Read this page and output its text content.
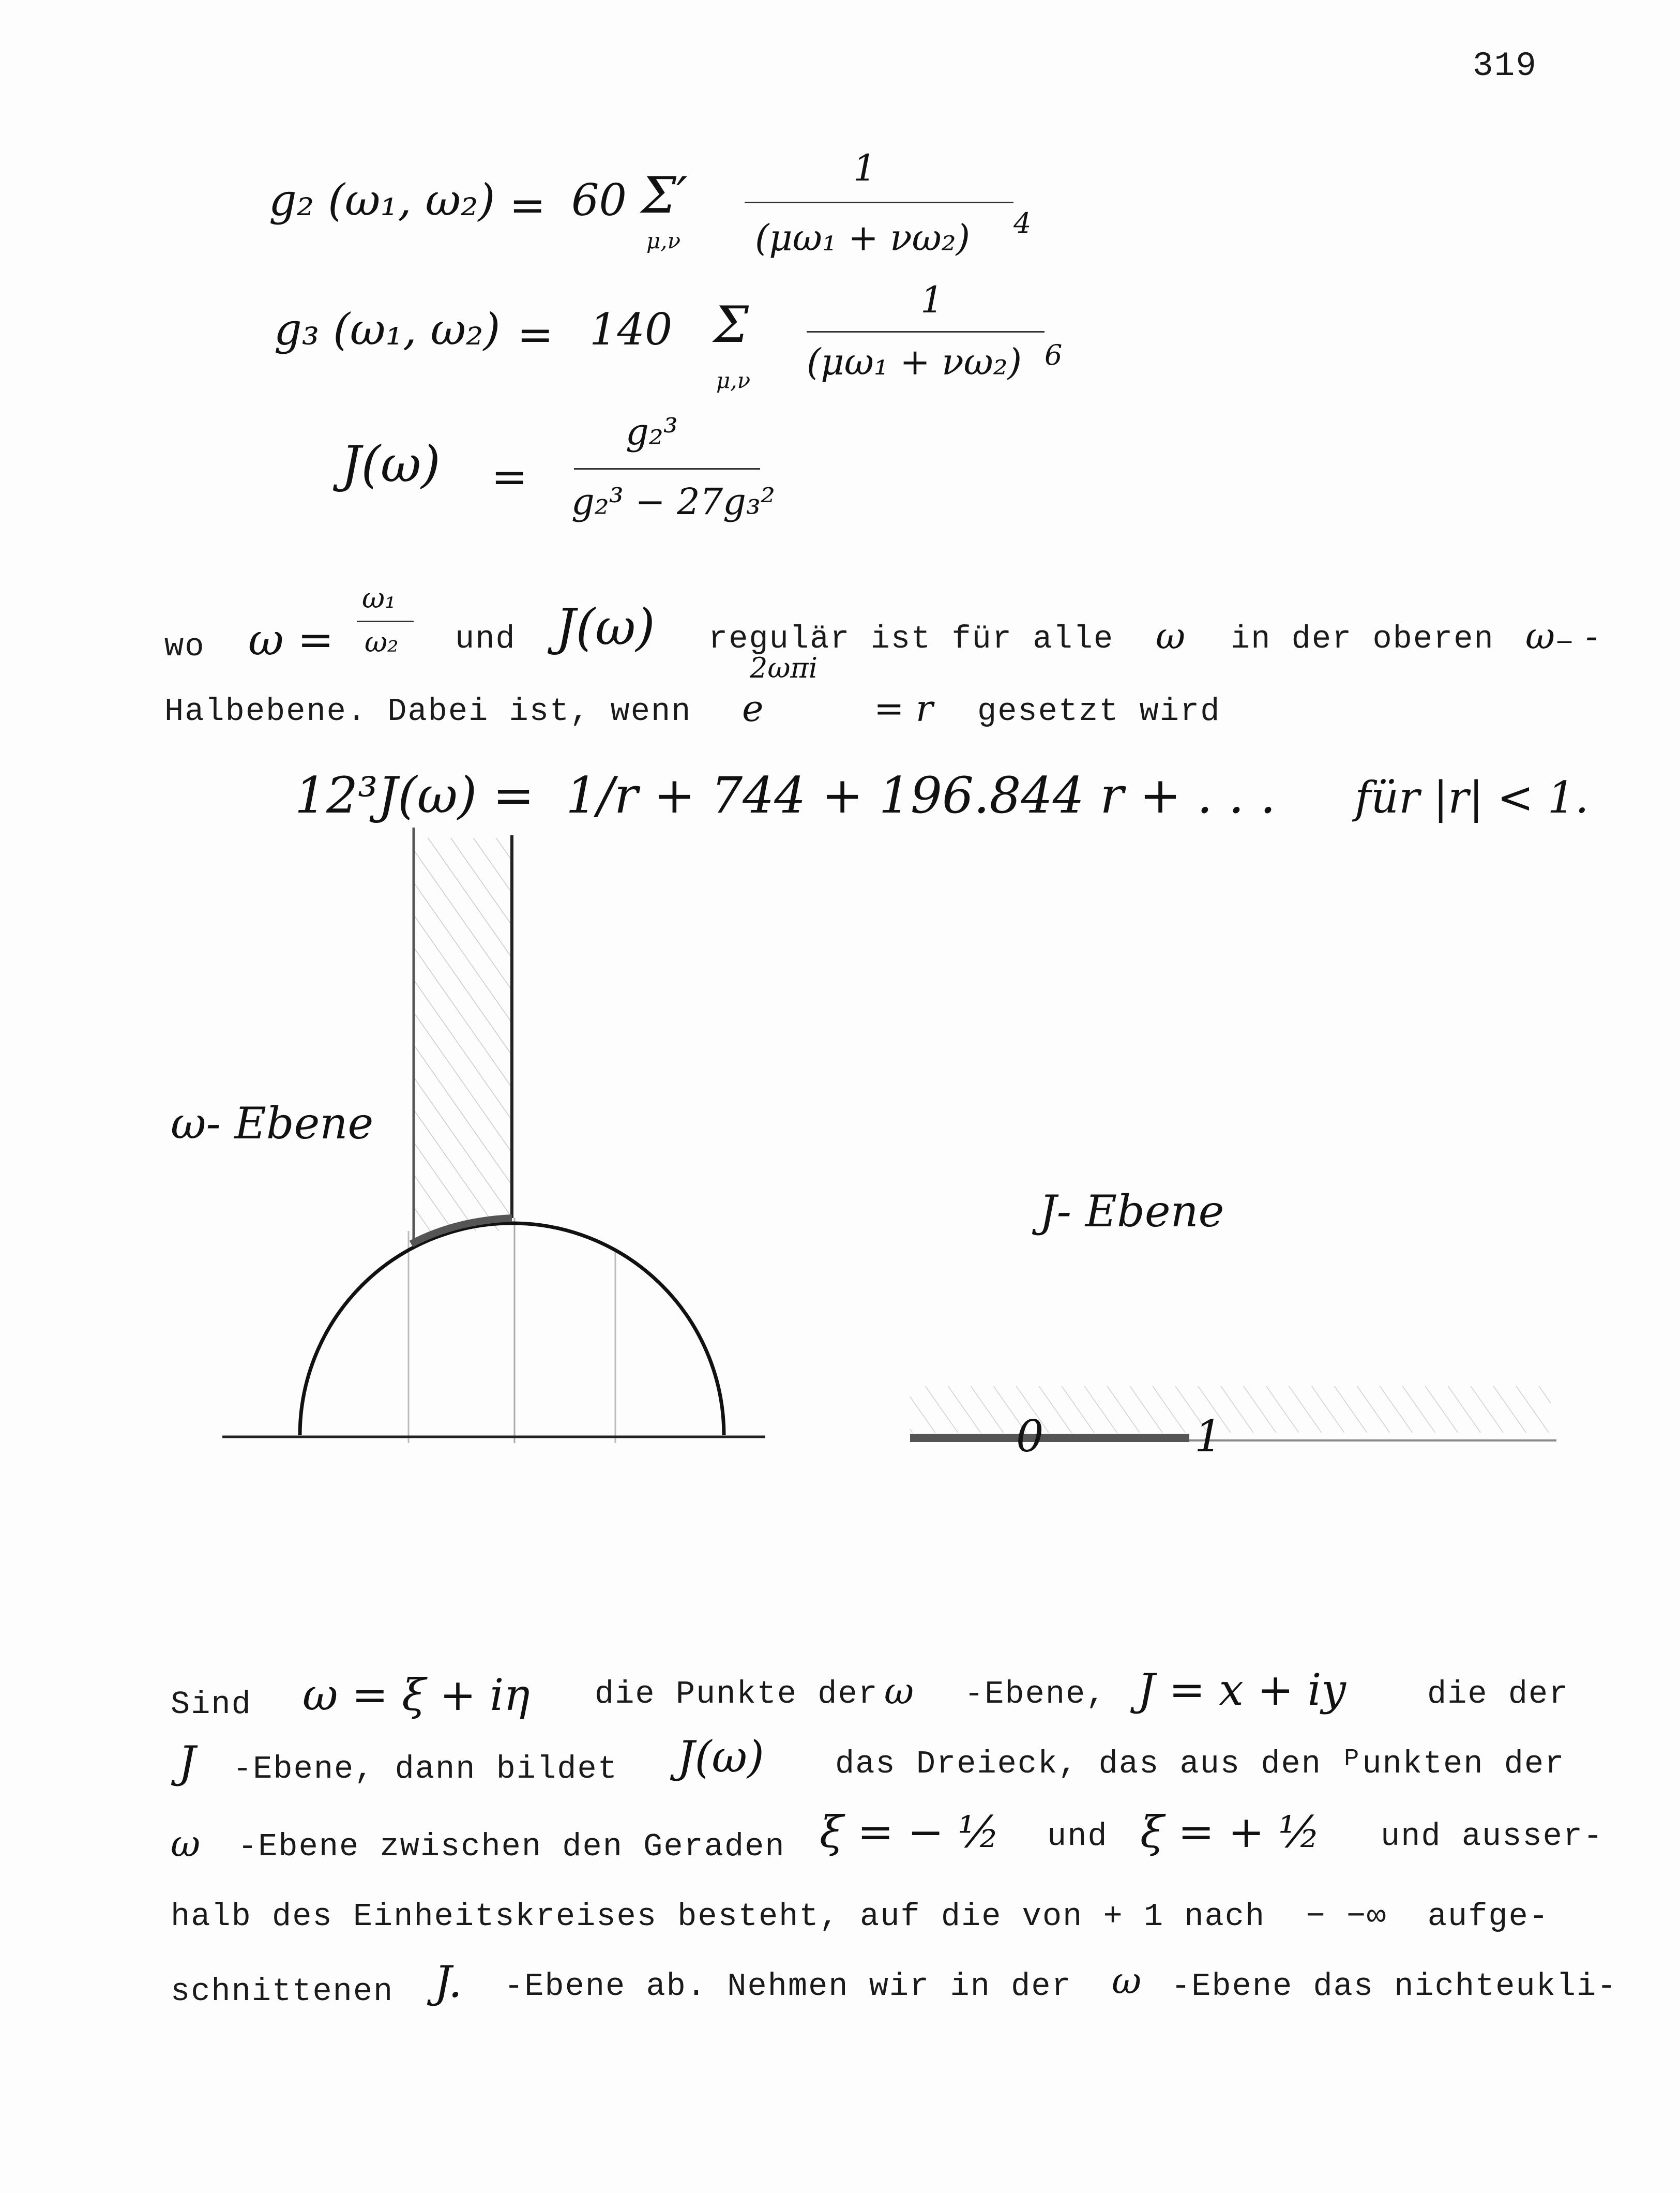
319
g₂ (ω₁, ω₂) = 60 Σ′
μ,ν
1
(μω₁ + νω₂) 4
g₃ (ω₁, ω₂) = 140 Σ
μ,ν
1
(μω₁ + νω₂) 6
J(ω) =
g₂³
g₂³ − 27g₃²
wo ω =
ω₁
ω₂ und J(ω) regulär ist für alle ω in der oberen ω₋ -
Halbebene. Dabei ist, wenn e
2ωπi
= r gesetzt wird
12³J(ω) =  1/r + 744 + 196.844 r + . . . für |r| < 1.
ω- Ebene
J- Ebene
0	1
Sind ω = ξ + iη die Punkte der ω -Ebene, J = x + iy	die der
J -Ebene, dann bildet J(ω) das Dreieck, das aus den ᴾunkten der
ω -Ebene zwischen den Geraden ξ = − ½ und ξ = + ½ und ausser-
halb des Einheitskreises besteht, auf die von + 1 nach  − −∞  aufge-
schnittenen J. -Ebene ab. Nehmen wir in der ω -Ebene das nichteukli-
